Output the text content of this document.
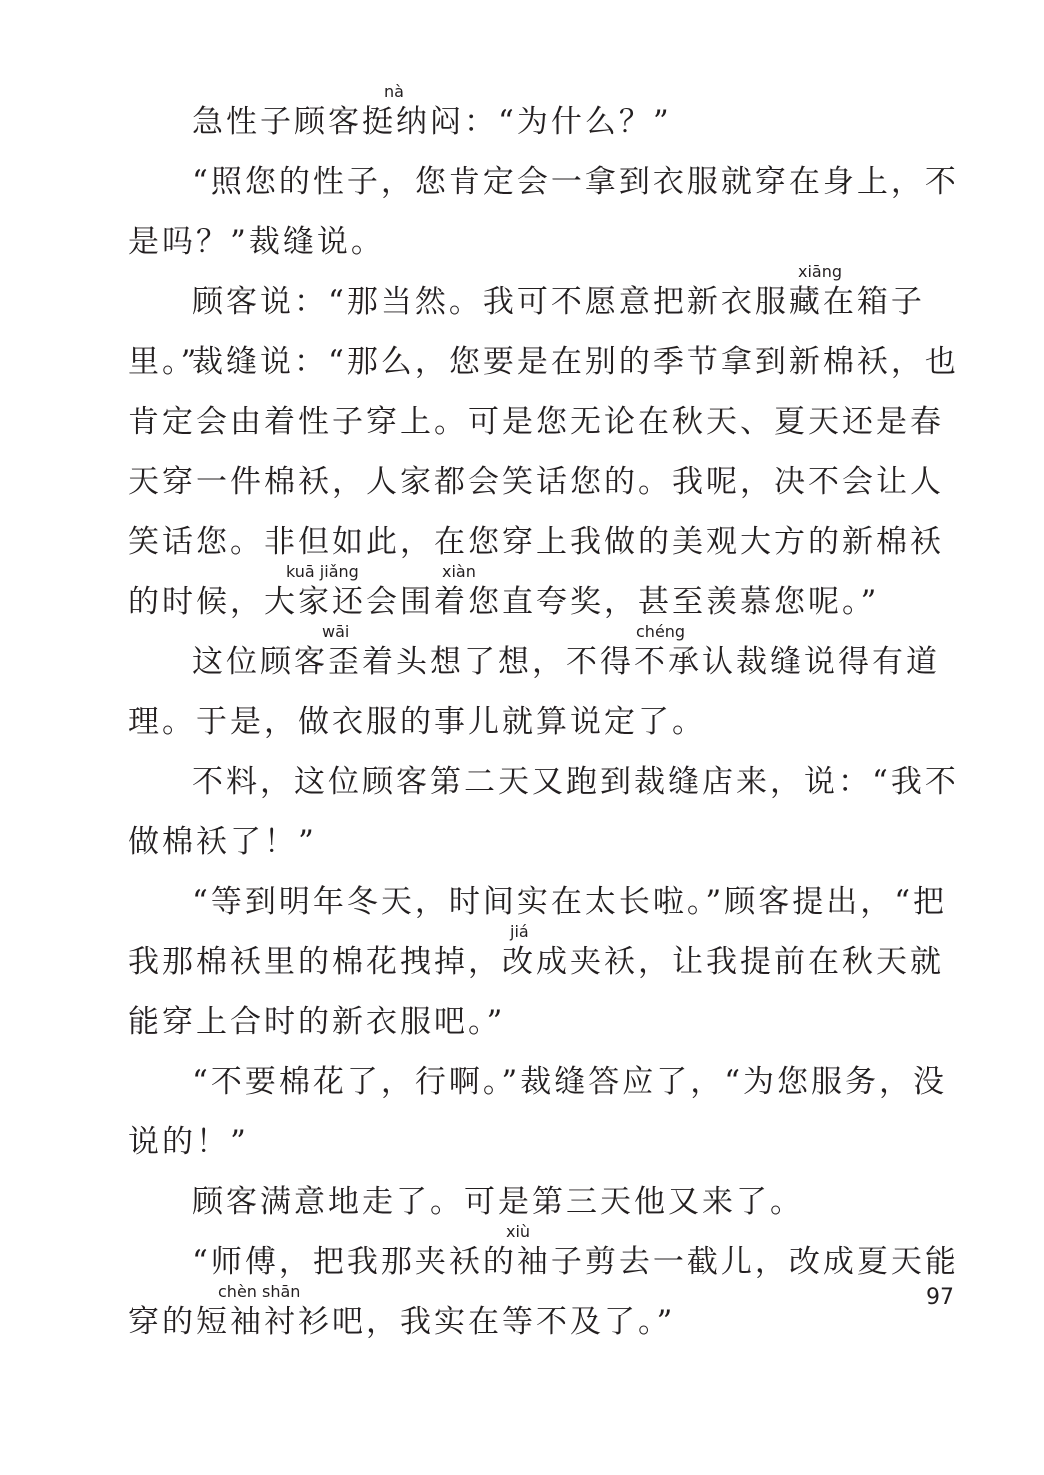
急性子顾客挺纳闷：“为什么？”

“照您的性子，您肯定会一拿到衣服就穿在身上，不是吗？”裁缝说。

顾客说：“那当然。我可不愿意把新衣服藏在箱子里。”

裁缝说：“那么，您要是在别的季节拿到新棉袄，也肯定会由着性子穿上。可是您无论在秋天、夏天还是春天穿一件棉袄，人家都会笑话您的。我呢，决不会让人笑话您。非但如此，在您穿上我做的美观大方的新棉袄的时候，大家还会围着您直夸奖，甚至羡慕您呢。”

这位顾客歪着头想了想，不得不承认裁缝说得有道理。于是，做衣服的事儿就算说定了。

不料，这位顾客第二天又跑到裁缝店来，说：“我不做棉袄了！”

“等到明年冬天，时间实在太长啦。”顾客提出，“把我那棉袄里的棉花拽掉，改成夹袄，让我提前在秋天就能穿上合时的新衣服吧。”

“不要棉花了，行啊。”裁缝答应了，“为您服务，没说的！”

顾客满意地走了。可是第三天他又来了。

“师傅，把我那夹袄的袖子剪去一截儿，改成夏天能穿的短袖衬衫吧，我实在等不及了。”

nà
xiāng
kuā jiǎng	xiàn
wāi	chéng
jiá
xiù
chèn shān	97
